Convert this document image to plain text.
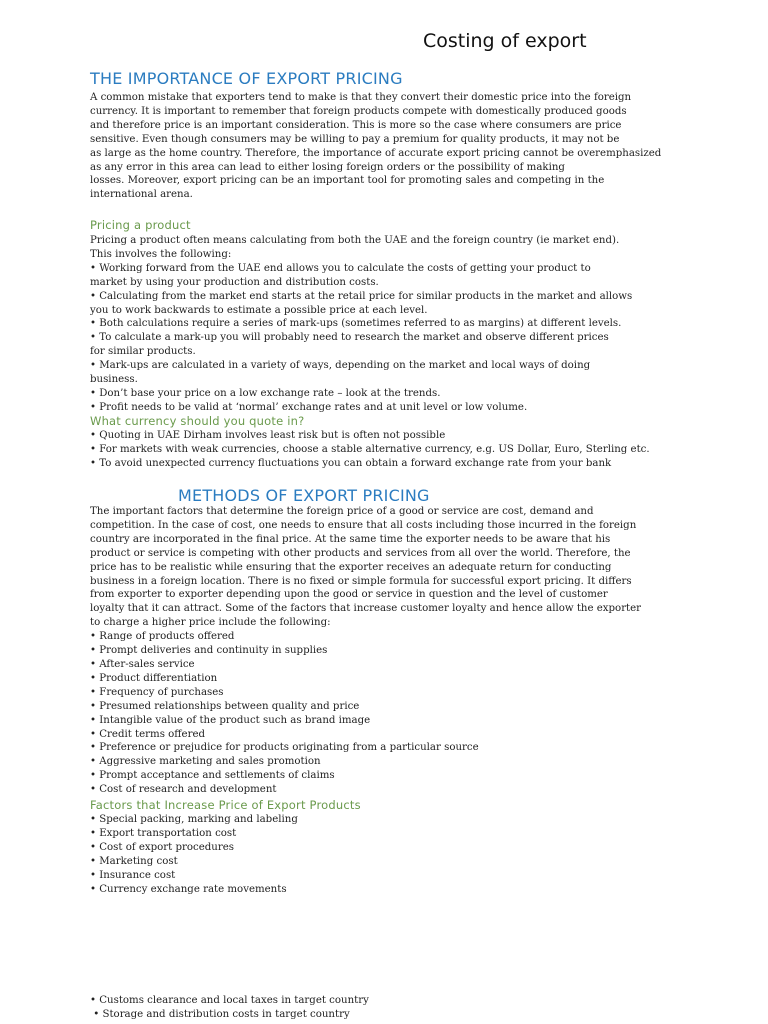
Costing of export
THE IMPORTANCE OF EXPORT PRICING
A common mistake that exporters tend to make is that they convert their domestic price into the foreign
currency. It is important to remember that foreign products compete with domestically produced goods
and therefore price is an important consideration. This is more so the case where consumers are price
sensitive. Even though consumers may be willing to pay a premium for quality products, it may not be
as large as the home country. Therefore, the importance of accurate export pricing cannot be overemphasized
as any error in this area can lead to either losing foreign orders or the possibility of making
losses. Moreover, export pricing can be an important tool for promoting sales and competing in the
international arena.
Pricing a product
Pricing a product often means calculating from both the UAE and the foreign country (ie market end).
This involves the following:
• Working forward from the UAE end allows you to calculate the costs of getting your product to
market by using your production and distribution costs.
• Calculating from the market end starts at the retail price for similar products in the market and allows
you to work backwards to estimate a possible price at each level.
• Both calculations require a series of mark-ups (sometimes referred to as margins) at different levels.
• To calculate a mark-up you will probably need to research the market and observe different prices
for similar products.
• Mark-ups are calculated in a variety of ways, depending on the market and local ways of doing
business.
• Don’t base your price on a low exchange rate – look at the trends.
• Profit needs to be valid at ‘normal’ exchange rates and at unit level or low volume.
What currency should you quote in?
• Quoting in UAE Dirham involves least risk but is often not possible
• For markets with weak currencies, choose a stable alternative currency, e.g. US Dollar, Euro, Sterling etc.
• To avoid unexpected currency fluctuations you can obtain a forward exchange rate from your bank
METHODS OF EXPORT PRICING
The important factors that determine the foreign price of a good or service are cost, demand and
competition. In the case of cost, one needs to ensure that all costs including those incurred in the foreign
country are incorporated in the final price. At the same time the exporter needs to be aware that his
product or service is competing with other products and services from all over the world. Therefore, the
price has to be realistic while ensuring that the exporter receives an adequate return for conducting
business in a foreign location. There is no fixed or simple formula for successful export pricing. It differs
from exporter to exporter depending upon the good or service in question and the level of customer
loyalty that it can attract. Some of the factors that increase customer loyalty and hence allow the exporter
to charge a higher price include the following:
• Range of products offered
• Prompt deliveries and continuity in supplies
• After-sales service
• Product differentiation
• Frequency of purchases
• Presumed relationships between quality and price
• Intangible value of the product such as brand image
• Credit terms offered
• Preference or prejudice for products originating from a particular source
• Aggressive marketing and sales promotion
• Prompt acceptance and settlements of claims
• Cost of research and development
Factors that Increase Price of Export Products
• Special packing, marking and labeling
• Export transportation cost
• Cost of export procedures
• Marketing cost
• Insurance cost
• Currency exchange rate movements
• Customs clearance and local taxes in target country
• Storage and distribution costs in target country
